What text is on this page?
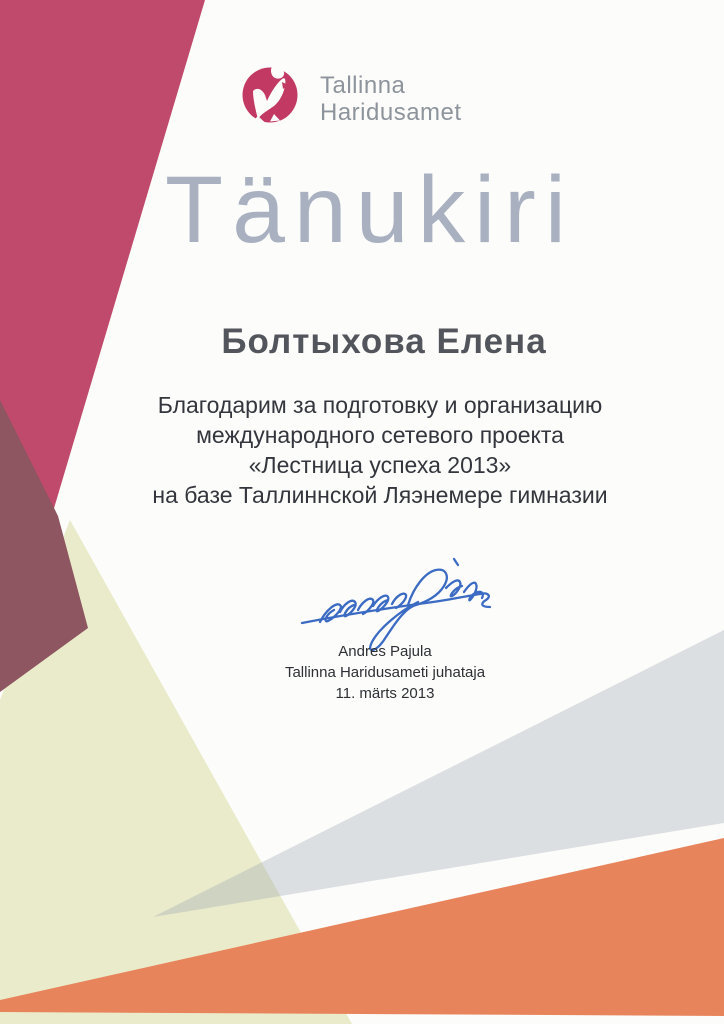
Tallinna
Haridusamet
Tänukiri
Болтыхова Елена
Благодарим за подготовку и организацию
международного сетевого проекта
«Лестница успеха 2013»
на базе Таллиннской Ляэнемере гимназии
Andres Pajula
Tallinna Haridusameti juhataja
11. märts 2013
